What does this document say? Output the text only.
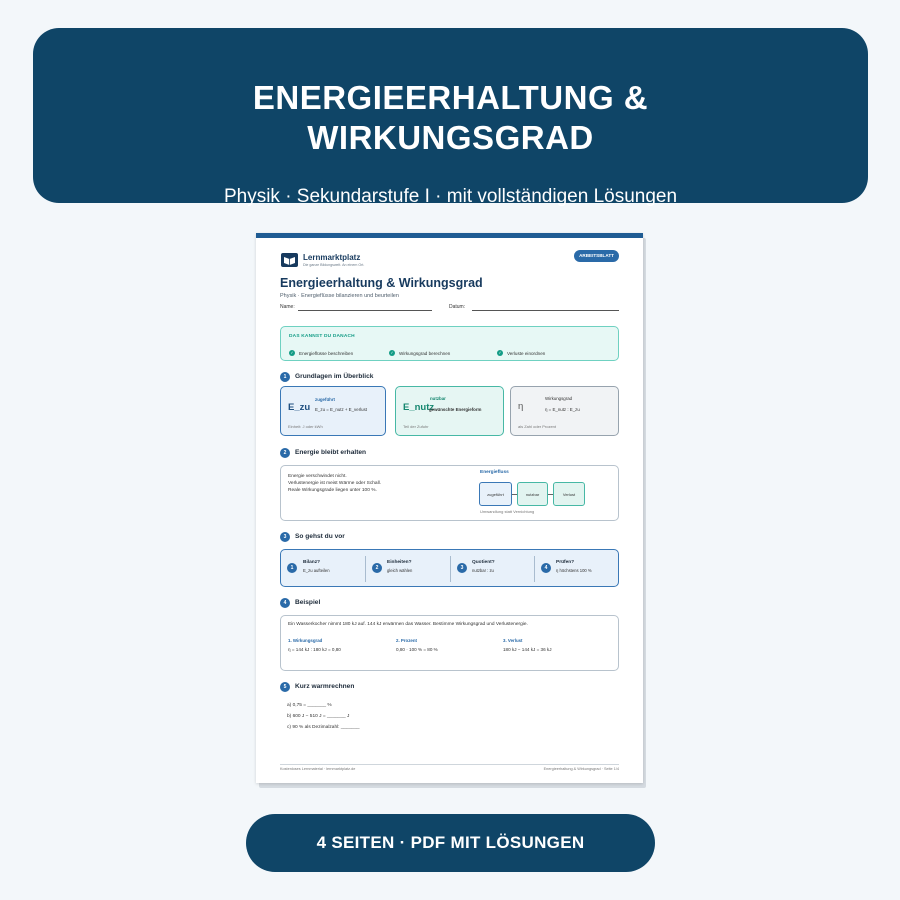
ENERGIEERHALTUNG &
WIRKUNGSGRAD
Physik · Sekundarstufe I · mit vollständigen Lösungen
Lernmarktplatz
Die ganze Bildungswelt. An einem Ort.
ARBEITSBLATT
Energieerhaltung & Wirkungsgrad
Physik · Energieflüsse bilanzieren und beurteilen
Name:	Datum:
DAS KANNST DU DANACH
✓	Energieflüsse beschreiben	✓	Wirkungsgrad berechnen	✓	Verluste einordnen
1	Grundlagen im Überblick
E_zu
zugeführt
E_zu = E_nutz + E_verlust
Einheit: J oder kWh
E_nutz
nutzbar
gewünschte Energieform
Teil der Zufuhr
η
Wirkungsgrad
η = E_nutz : E_zu
als Zahl oder Prozent
2	Energie bleibt erhalten
Energie verschwindet nicht.
Verlustenergie ist meist Wärme oder Schall.
Reale Wirkungsgrade liegen unter 100 %.
Energiefluss
zugeführt	nutzbar	Verlust
Umwandlung statt Vernichtung
3	So gehst du vor
1
Bilanz?
E_zu aufteilen	2
Einheiten?
gleich wählen	3
Quotient?
nutzbar : zu	4
Prüfen?
η höchstens 100 %
4	Beispiel
Ein Wasserkocher nimmt 180 kJ auf. 144 kJ erwärmen das Wasser. Bestimme Wirkungsgrad und Verlustenergie.
1. Wirkungsgrad
η = 144 kJ : 180 kJ = 0,80
2. Prozent
0,80 · 100 % = 80 %
3. Verlust
180 kJ − 144 kJ = 36 kJ
5	Kurz warmrechnen
a) 0,75 = _______ %
b) 600 J − 510 J = _______ J
c) 90 % als Dezimalzahl: _______
Kostenloses Lernmaterial · lernmarktplatz.de	Energieerhaltung & Wirkungsgrad · Seite 1/4
4 SEITEN · PDF MIT LÖSUNGEN
